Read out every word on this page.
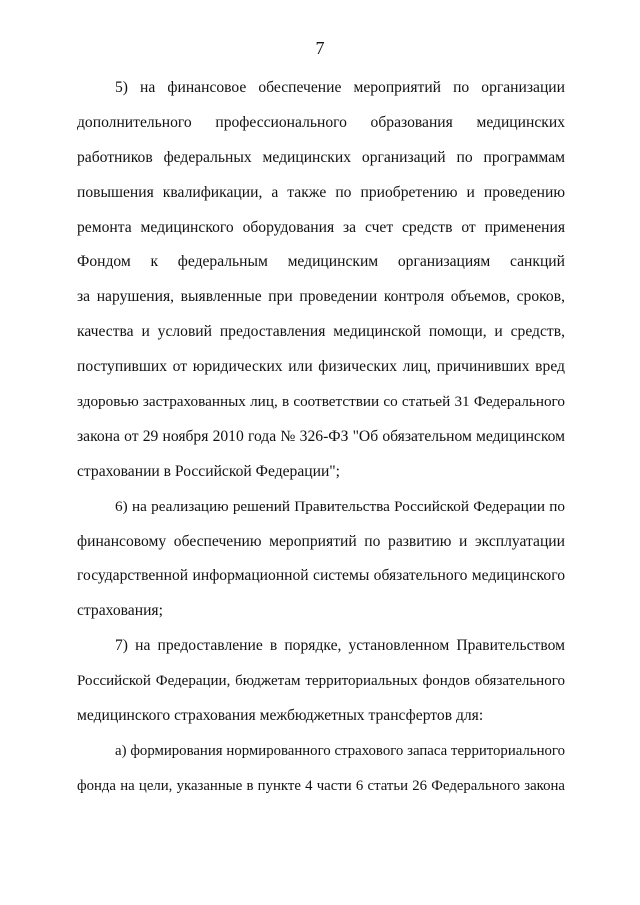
7
5) на финансовое обеспечение мероприятий по организации
дополнительного профессионального образования медицинских
работников федеральных медицинских организаций по программам
повышения квалификации, а также по приобретению и проведению
ремонта медицинского оборудования за счет средств от применения
Фондом к федеральным медицинским организациям санкций
за нарушения, выявленные при проведении контроля объемов, сроков,
качества и условий предоставления медицинской помощи, и средств,
поступивших от юридических или физических лиц, причинивших вред
здоровью застрахованных лиц, в соответствии со статьей 31 Федерального
закона от 29 ноября 2010 года № 326-ФЗ "Об обязательном медицинском
страховании в Российской Федерации";
6) на реализацию решений Правительства Российской Федерации по
финансовому обеспечению мероприятий по развитию и эксплуатации
государственной информационной системы обязательного медицинского
страхования;
7) на предоставление в порядке, установленном Правительством
Российской Федерации, бюджетам территориальных фондов обязательного
медицинского страхования межбюджетных трансфертов для:
а) формирования нормированного страхового запаса территориального
фонда на цели, указанные в пункте 4 части 6 статьи 26 Федерального закона
